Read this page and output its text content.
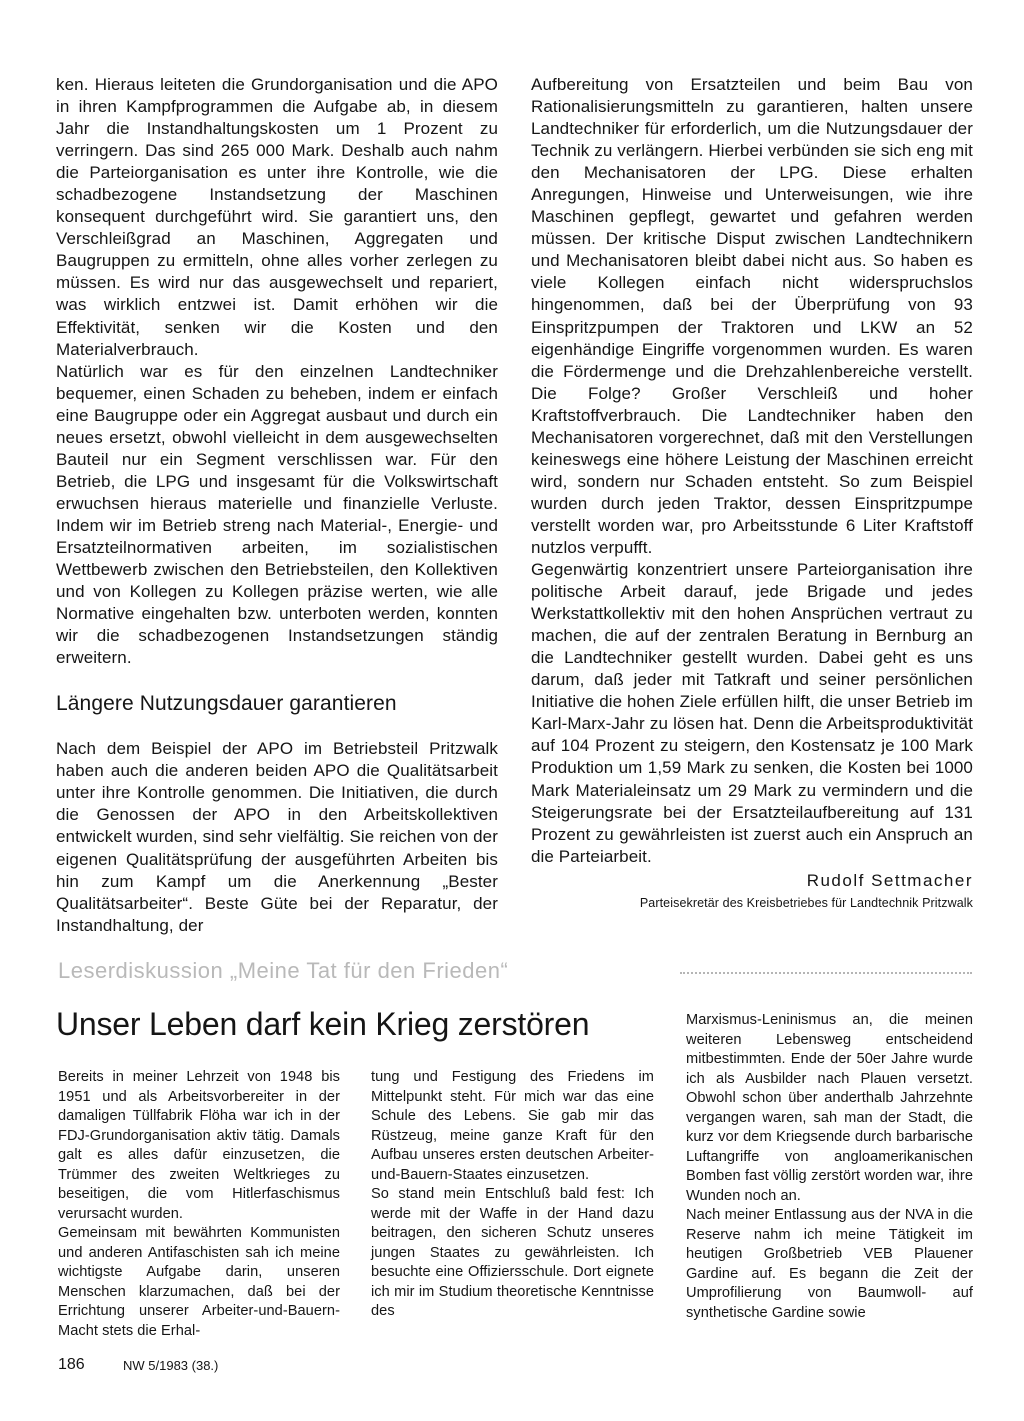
ken. Hieraus leiteten die Grundorganisation und die APO in ihren Kampfprogrammen die Aufgabe ab, in diesem Jahr die Instandhaltungskosten um 1 Prozent zu verringern. Das sind 265 000 Mark. Deshalb auch nahm die Parteiorganisation es unter ihre Kontrolle, wie die schadbezogene Instandsetzung der Maschinen konsequent durchgeführt wird. Sie garantiert uns, den Verschleißgrad an Maschinen, Aggregaten und Baugruppen zu ermitteln, ohne alles vorher zerlegen zu müssen. Es wird nur das ausgewechselt und repariert, was wirklich entzwei ist. Damit erhöhen wir die Effektivität, senken wir die Kosten und den Materialverbrauch.

Natürlich war es für den einzelnen Landtechniker bequemer, einen Schaden zu beheben, indem er einfach eine Baugruppe oder ein Aggregat ausbaut und durch ein neues ersetzt, obwohl vielleicht in dem ausgewechselten Bauteil nur ein Segment verschlissen war. Für den Betrieb, die LPG und insgesamt für die Volkswirtschaft erwuchsen hieraus materielle und finanzielle Verluste. Indem wir im Betrieb streng nach Material-, Energie- und Ersatzteilnormativen arbeiten, im sozialistischen Wettbewerb zwischen den Betriebsteilen, den Kollektiven und von Kollegen zu Kollegen präzise werten, wie alle Normative eingehalten bzw. unterboten werden, konnten wir die schadbezogenen Instandsetzungen ständig erweitern.

Längere Nutzungsdauer garantieren

Nach dem Beispiel der APO im Betriebsteil Pritzwalk haben auch die anderen beiden APO die Qualitätsarbeit unter ihre Kontrolle genommen. Die Initiativen, die durch die Genossen der APO in den Arbeitskollektiven entwickelt wurden, sind sehr vielfältig. Sie reichen von der eigenen Qualitätsprüfung der ausgeführten Arbeiten bis hin zum Kampf um die Anerkennung „Bester Qualitätsarbeiter“. Beste Güte bei der Reparatur, der Instandhaltung, der

Aufbereitung von Ersatzteilen und beim Bau von Rationalisierungsmitteln zu garantieren, halten unsere Landtechniker für erforderlich, um die Nutzungsdauer der Technik zu verlängern. Hierbei verbünden sie sich eng mit den Mechanisatoren der LPG. Diese erhalten Anregungen, Hinweise und Unterweisungen, wie ihre Maschinen gepflegt, gewartet und gefahren werden müssen. Der kritische Disput zwischen Landtechnikern und Mechanisatoren bleibt dabei nicht aus. So haben es viele Kollegen einfach nicht widerspruchslos hingenommen, daß bei der Überprüfung von 93 Einspritzpumpen der Traktoren und LKW an 52 eigenhändige Eingriffe vorgenommen wurden. Es waren die Fördermenge und die Drehzahlenbereiche verstellt. Die Folge? Großer Verschleiß und hoher Kraftstoffverbrauch. Die Landtechniker haben den Mechanisatoren vorgerechnet, daß mit den Verstellungen keineswegs eine höhere Leistung der Maschinen erreicht wird, sondern nur Schaden entsteht. So zum Beispiel wurden durch jeden Traktor, dessen Einspritzpumpe verstellt worden war, pro Arbeitsstunde 6 Liter Kraftstoff nutzlos verpufft.

Gegenwärtig konzentriert unsere Parteiorganisation ihre politische Arbeit darauf, jede Brigade und jedes Werkstattkollektiv mit den hohen Ansprüchen vertraut zu machen, die auf der zentralen Beratung in Bernburg an die Landtechniker gestellt wurden. Dabei geht es uns darum, daß jeder mit Tatkraft und seiner persönlichen Initiative die hohen Ziele erfüllen hilft, die unser Betrieb im Karl-Marx-Jahr zu lösen hat. Denn die Arbeitsproduktivität auf 104 Prozent zu steigern, den Kostensatz je 100 Mark Produktion um 1,59 Mark zu senken, die Kosten bei 1000 Mark Materialeinsatz um 29 Mark zu vermindern und die Steigerungsrate bei der Ersatzteilaufbereitung auf 131 Prozent zu gewährleisten ist zuerst auch ein Anspruch an die Parteiarbeit.

Rudolf Settmacher

Parteisekretär des Kreisbetriebes für Landtechnik Pritzwalk

Leserdiskussion „Meine Tat für den Frieden“
Unser Leben darf kein Krieg zerstören

Bereits in meiner Lehrzeit von 1948 bis 1951 und als Arbeitsvorbereiter in der damaligen Tüllfabrik Flöha war ich in der FDJ-Grundorganisation aktiv tätig. Damals galt es alles dafür einzusetzen, die Trümmer des zweiten Weltkrieges zu beseitigen, die vom Hitlerfaschismus verursacht wurden.

Gemeinsam mit bewährten Kommunisten und anderen Antifaschisten sah ich meine wichtigste Aufgabe darin, unseren Menschen klarzumachen, daß bei der Errichtung unserer Arbeiter-und-Bauern-Macht stets die Erhal-

tung und Festigung des Friedens im Mittelpunkt steht. Für mich war das eine Schule des Lebens. Sie gab mir das Rüstzeug, meine ganze Kraft für den Aufbau unseres ersten deutschen Arbeiter-und-Bauern-Staates einzusetzen.

So stand mein Entschluß bald fest: Ich werde mit der Waffe in der Hand dazu beitragen, den sicheren Schutz unseres jungen Staates zu gewährleisten. Ich besuchte eine Offiziersschule. Dort eignete ich mir im Studium theoretische Kenntnisse des

Marxismus-Leninismus an, die meinen weiteren Lebensweg entscheidend mitbestimmten. Ende der 50er Jahre wurde ich als Ausbilder nach Plauen versetzt. Obwohl schon über anderthalb Jahrzehnte vergangen waren, sah man der Stadt, die kurz vor dem Kriegsende durch barbarische Luftangriffe von angloamerikanischen Bomben fast völlig zerstört worden war, ihre Wunden noch an.

Nach meiner Entlassung aus der NVA in die Reserve nahm ich meine Tätigkeit im heutigen Großbetrieb VEB Plauener Gardine auf. Es begann die Zeit der Umprofilierung von Baumwoll- auf synthetische Gardine sowie

186	NW 5/1983 (38.)
